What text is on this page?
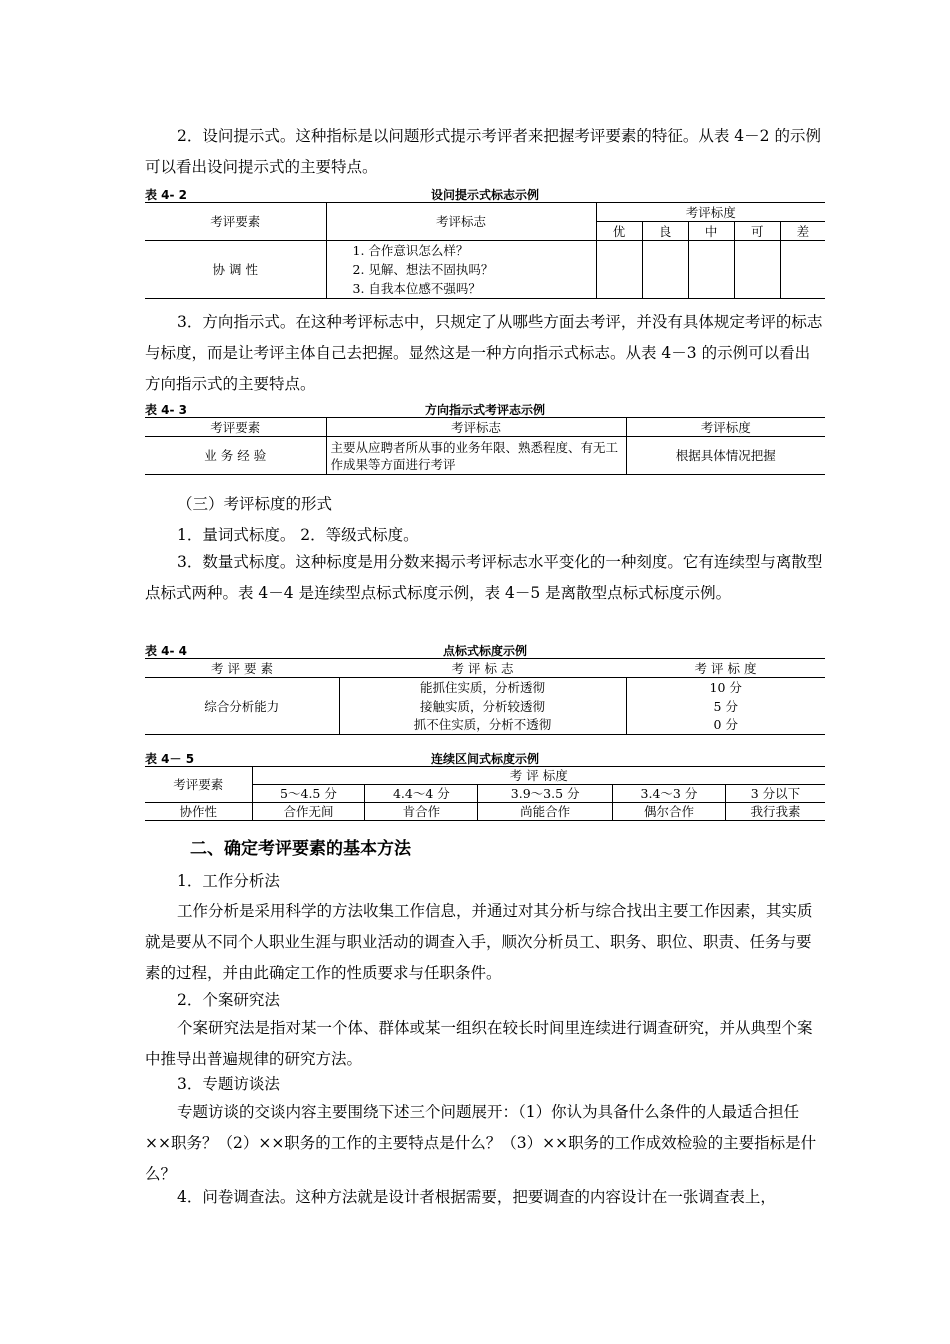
2．设问提示式。这种指标是以问题形式提示考评者来把握考评要素的特征。从表 4－2 的示例可以看出设问提示式的主要特点。

表 4- 2	设问提示式标志示例
考评要素	考评标志	考评标度				
		优	良	中	可	差
协 调 性	1. 合作意识怎么样？
2. 见解、想法不固执吗？
3. 自我本位感不强吗？					

3．方向指示式。在这种考评标志中，只规定了从哪些方面去考评，并没有具体规定考评的标志与标度，而是让考评主体自己去把握。显然这是一种方向指示式标志。从表 4－3 的示例可以看出方向指示式的主要特点。

表 4- 3	方向指示式考评志示例
考评要素	考评标志	考评标度
业 务 经 验	主要从应聘者所从事的业务年限、熟悉程度、有无工作成果等方面进行考评	根据具体情况把握

（三）考评标度的形式

1．量词式标度。 2．等级式标度。

3．数量式标度。这种标度是用分数来揭示考评标志水平变化的一种刻度。它有连续型与离散型点标式两种。表 4－4 是连续型点标式标度示例，表 4－5 是离散型点标式标度示例。

表 4- 4	点标式标度示例
考 评 要 素	考 评 标 志	考 评 标 度
综合分析能力	能抓住实质，分析透彻	10 分
	接触实质，分析较透彻	5 分
	抓不住实质，分析不透彻	0 分
表 4－ 5	连续区间式标度示例
考评要素	考 评 标度				
	5～4.5 分	4.4～4 分	3.9～3.5 分	3.4～3 分	3 分以下
协作性	合作无间	肯合作	尚能合作	偶尔合作	我行我素
二、确定考评要素的基本方法

1．工作分析法

工作分析是采用科学的方法收集工作信息，并通过对其分析与综合找出主要工作因素，其实质就是要从不同个人职业生涯与职业活动的调查入手，顺次分析员工、职务、职位、职责、任务与要素的过程，并由此确定工作的性质要求与任职条件。

2．个案研究法

个案研究法是指对某一个体、群体或某一组织在较长时间里连续进行调查研究，并从典型个案中推导出普遍规律的研究方法。

3．专题访谈法

专题访谈的交谈内容主要围绕下述三个问题展开：（1）你认为具备什么条件的人最适合担任××职务？（2）××职务的工作的主要特点是什么？（3）××职务的工作成效检验的主要指标是什么？

4．问卷调查法。这种方法就是设计者根据需要，把要调查的内容设计在一张调查表上，
